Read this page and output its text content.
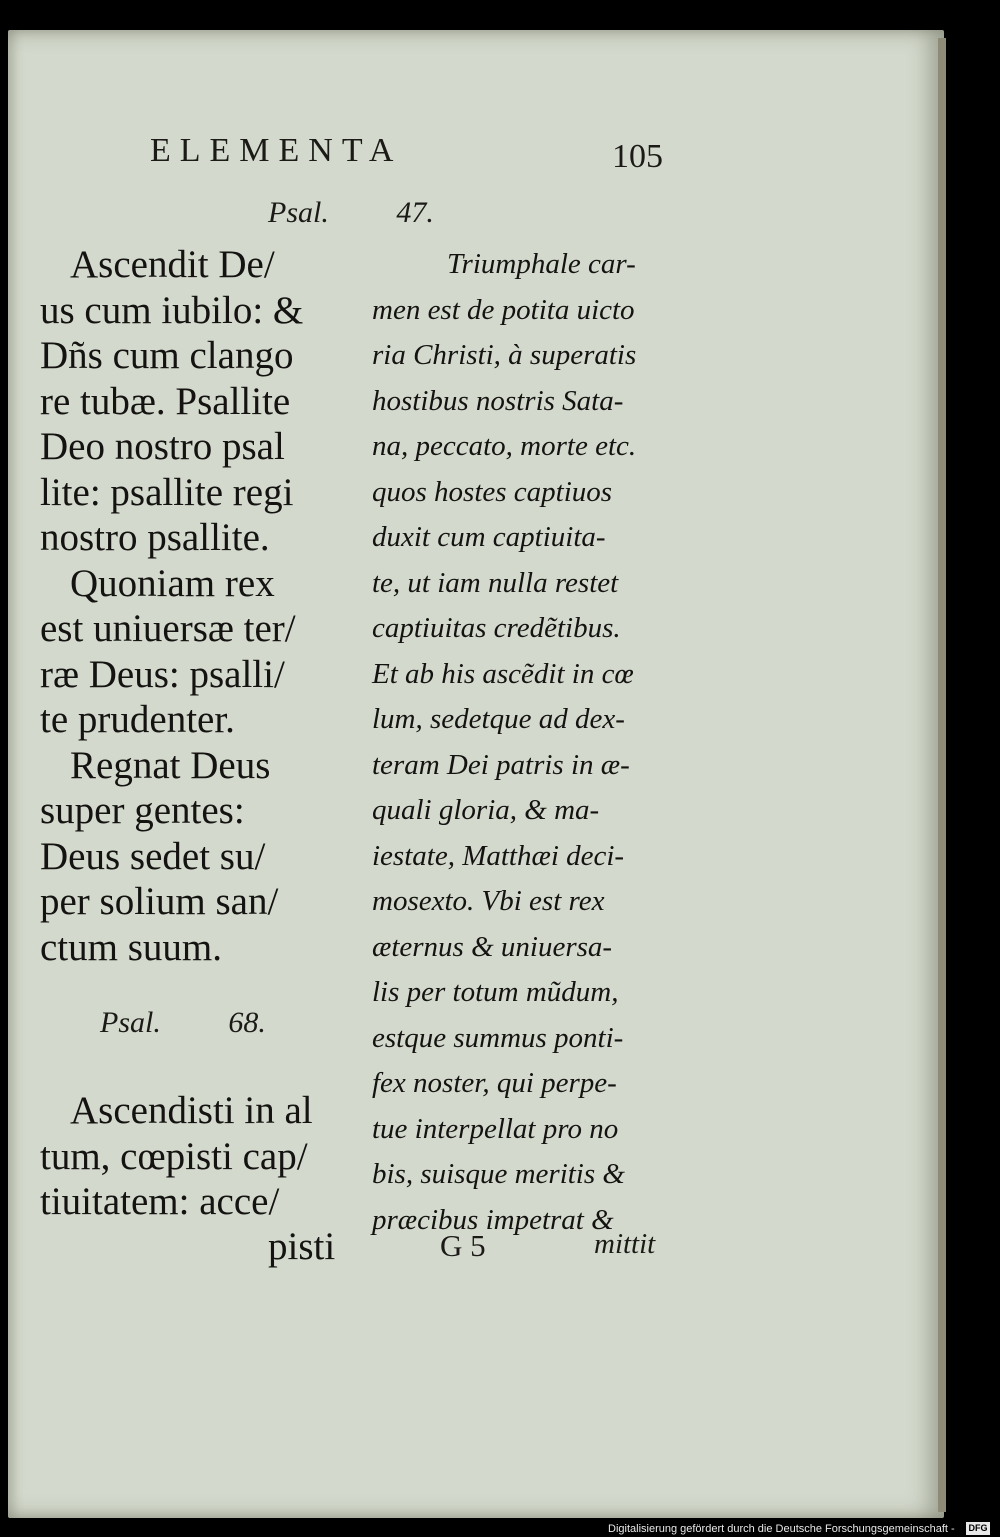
ELEMENTA	105
Psal. 47.
Ascendit De/
us cum iubilo: &
Dñs cum clango
re tubæ. Psallite
Deo nostro psal
lite: psallite regi
nostro psallite.
Quoniam rex
est uniuersæ ter/
ræ Deus: psalli/
te prudenter.
Regnat Deus
super gentes:
Deus sedet su/
per solium san/
ctum suum.
Psal. 68.
Ascendisti in al
tum, cœpisti cap/
tiuitatem: acce/
pisti
Triumphale car-
men est de potita uicto
ria Christi, à superatis
hostibus nostris Sata-
na, peccato, morte etc.
quos hostes captiuos
duxit cum captiuita-
te, ut iam nulla restet
captiuitas credẽtibus.
Et ab his ascẽdit in cœ
lum, sedetque ad dex-
teram Dei patris in æ-
quali gloria, & ma-
iestate, Matthæi deci-
mosexto. Vbi est rex
æternus & uniuersa-
lis per totum mũdum,
estque summus ponti-
fex noster, qui perpe-
tue interpellat pro no
bis, suisque meritis &
præcibus impetrat &
G 5	mittit
Digitalisierung gefördert durch die Deutsche Forschungsgemeinschaft - DFG
